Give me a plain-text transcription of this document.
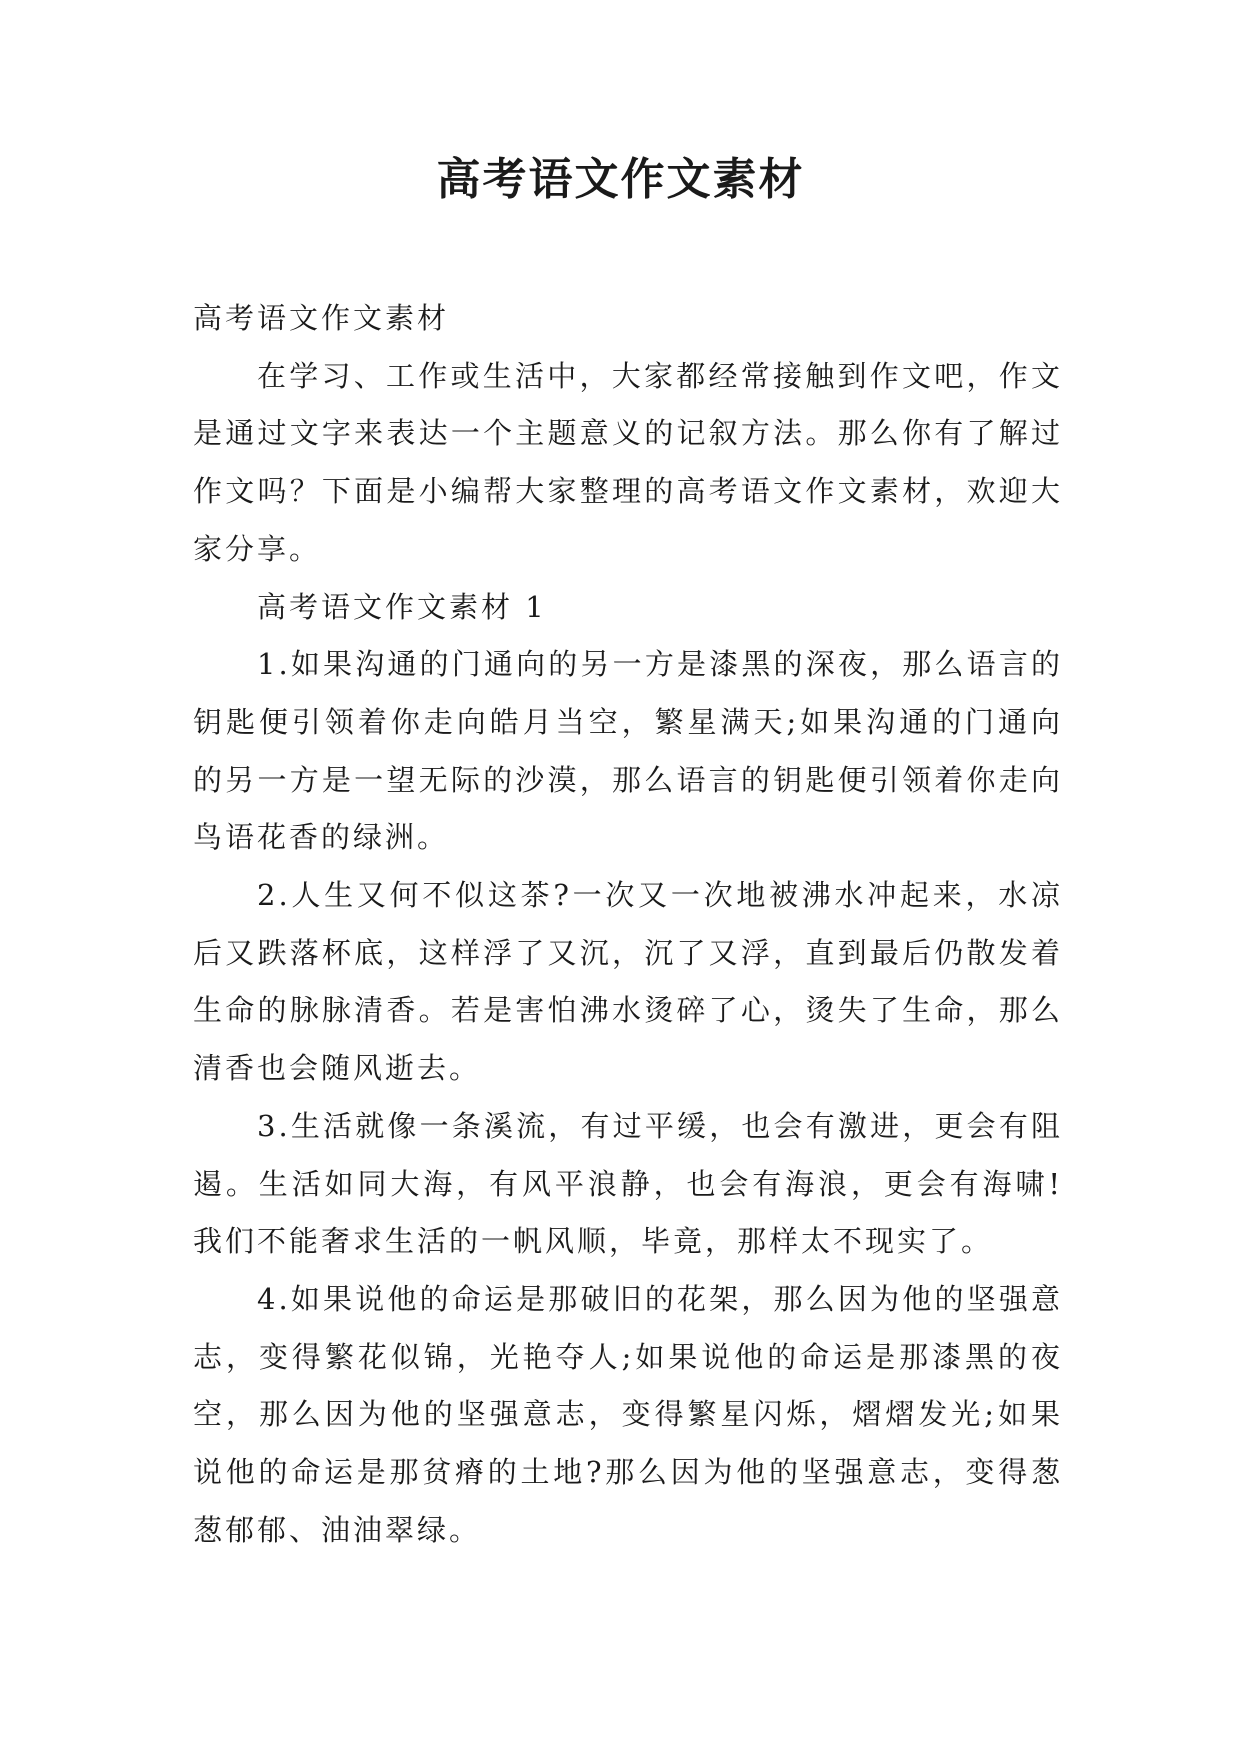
高考语文作文素材

高考语文作文素材

在学习、工作或生活中，大家都经常接触到作文吧，作文是通过文字来表达一个主题意义的记叙方法。那么你有了解过作文吗？下面是小编帮大家整理的高考语文作文素材，欢迎大家分享。

高考语文作文素材 1

1.如果沟通的门通向的另一方是漆黑的深夜，那么语言的钥匙便引领着你走向皓月当空，繁星满天;如果沟通的门通向的另一方是一望无际的沙漠，那么语言的钥匙便引领着你走向鸟语花香的绿洲。

2.人生又何不似这茶?一次又一次地被沸水冲起来，水凉后又跌落杯底，这样浮了又沉，沉了又浮，直到最后仍散发着生命的脉脉清香。若是害怕沸水烫碎了心，烫失了生命，那么清香也会随风逝去。

3.生活就像一条溪流，有过平缓，也会有激进，更会有阻遏。生活如同大海，有风平浪静，也会有海浪，更会有海啸!我们不能奢求生活的一帆风顺，毕竟，那样太不现实了。

4.如果说他的命运是那破旧的花架，那么因为他的坚强意志，变得繁花似锦，光艳夺人;如果说他的命运是那漆黑的夜空，那么因为他的坚强意志，变得繁星闪烁，熠熠发光;如果说他的命运是那贫瘠的土地?那么因为他的坚强意志，变得葱葱郁郁、油油翠绿。
